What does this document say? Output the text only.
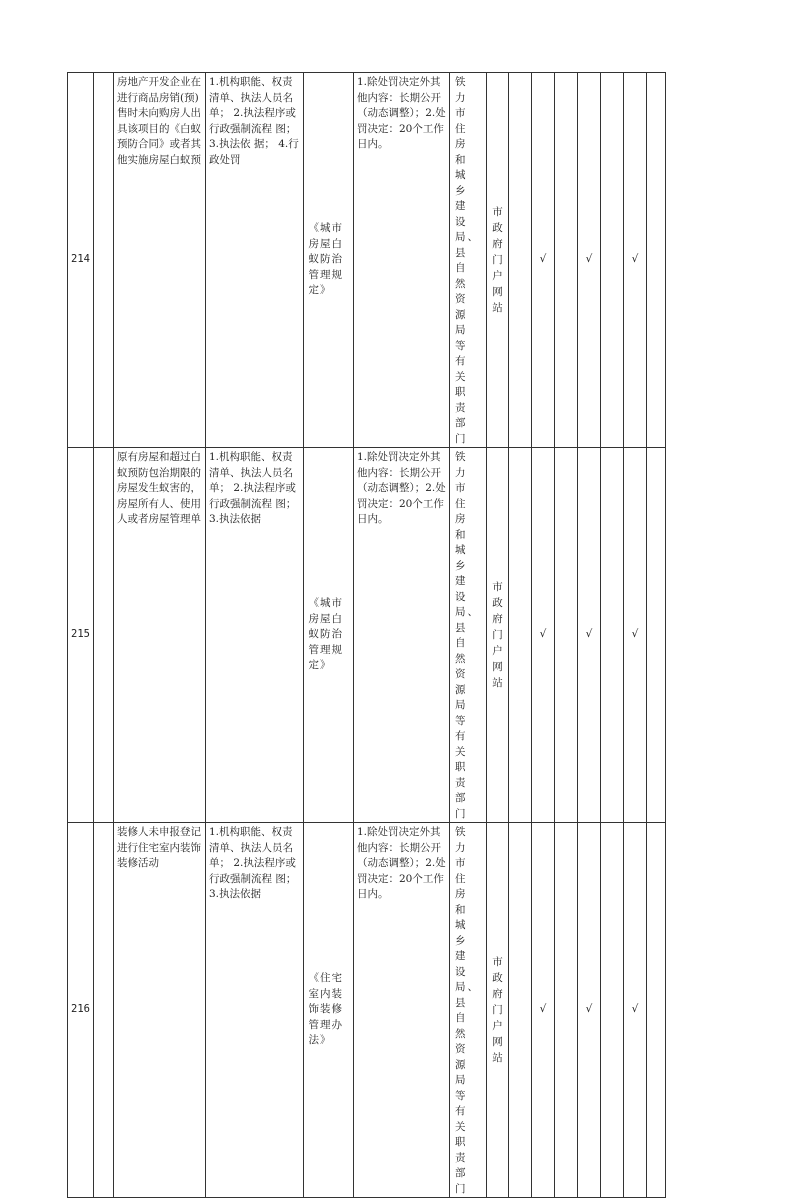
214		房地产开发企业在进行商品房销(预)售时未向购房人出具该项目的《白蚁预防合同》或者其他实施房屋白蚁预	1.机构职能、权责清单、执法人员名单； 2.执法程序或行政强制流程 图； 3.执法依 据； 4.行政处罚	《城市房屋白蚁防治管理规定》	1.除处罚决定外其他内容：长期公开（动态调整）；2.处罚决定：20个工作日内。	铁力市住房和城乡建设局、县自然资源局等有关职责部门	市政府门户网站		√		√		√	
215		原有房屋和超过白蚁预防包治期限的房屋发生蚁害的，房屋所有人、使用人或者房屋管理单	1.机构职能、权责清单、执法人员名单； 2.执法程序或行政强制流程 图； 3.执法依据	《城市房屋白蚁防治管理规定》	1.除处罚决定外其他内容：长期公开（动态调整）；2.处罚决定：20个工作日内。	铁力市住房和城乡建设局、县自然资源局等有关职责部门	市政府门户网站		√		√		√	
216		装修人未申报登记进行住宅室内装饰装修活动	1.机构职能、权责清单、执法人员名单； 2.执法程序或行政强制流程 图； 3.执法依据	《住宅室内装饰装修管理办法》	1.除处罚决定外其他内容：长期公开（动态调整）；2.处罚决定：20个工作日内。	铁力市住房和城乡建设局、县自然资源局等有关职责部门	市政府门户网站		√		√		√	
